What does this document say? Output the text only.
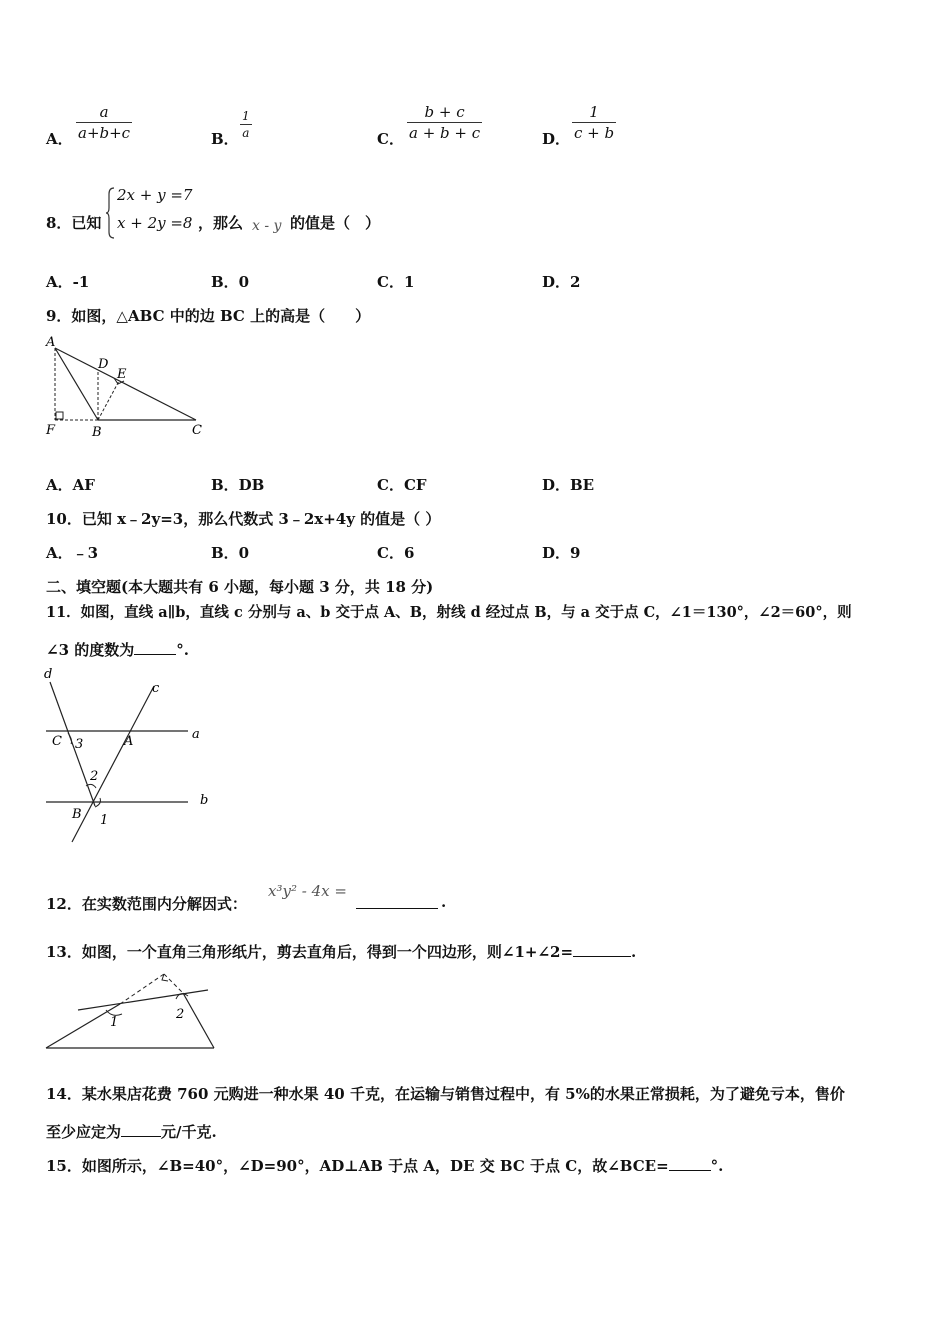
A．
a
a+b+c	B．
1
a	C．
b + c
a + b + c	D．
1
c + b
8．已知
2x + y =7
x + 2y =8 ，那么 x - y 的值是（　）
A．-1	B．0	C．1	D．2
9．如图，△ABC 中的边 BC 上的高是（　　）
A
D
E
F	B	C
A．AF	B．DB	C．CF	D．BE
10．已知 x﹣2y=3，那么代数式 3﹣2x+4y 的值是（ ）
A．﹣3	B．0	C．6	D．9
二、填空题(本大题共有 6 小题，每小题 3 分，共 18 分)
11．如图，直线 a∥b，直线 c 分别与 a、b 交于点 A、B，射线 d 经过点 B，与 a 交于点 C，∠1＝130°，∠2＝60°，则
∠3 的度数为	°.
d
c
a
b
C	A
B
3
2
1
12．在实数范围内分解因式：
x³y² - 4x =
.
13．如图，一个直角三角形纸片，剪去直角后，得到一个四边形，则∠1+∠2=	.
1
2
14．某水果店花费 760 元购进一种水果 40 千克，在运输与销售过程中，有 5%的水果正常损耗，为了避免亏本，售价
至少应定为	元/千克.
15．如图所示，∠B=40°，∠D=90°，AD⊥AB 于点 A，DE 交 BC 于点 C，故∠BCE=	°.
